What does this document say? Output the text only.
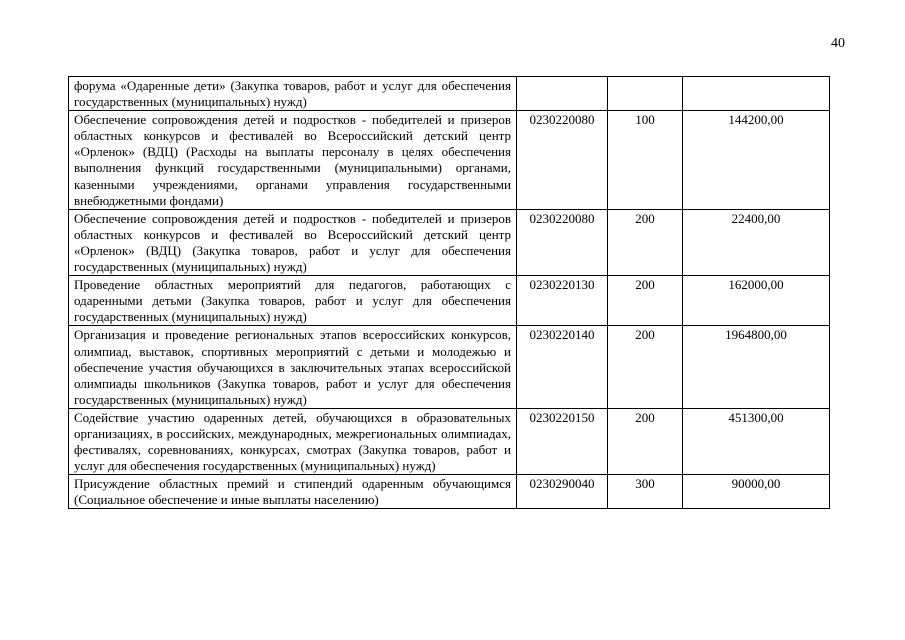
40
форума «Одаренные дети» (Закупка товаров, работ и услуг для обеспечения государственных (муниципальных) нужд)			
Обеспечение сопровождения детей и подростков - победителей и призеров областных конкурсов и фестивалей во Всероссийский детский центр «Орленок» (ВДЦ) (Расходы на выплаты персоналу в целях обеспечения выполнения функций государственными (муниципальными) органами, казенными учреждениями, органами управления государственными внебюджетными фондами)	0230220080	100	144200,00
Обеспечение сопровождения детей и подростков - победителей и призеров областных конкурсов и фестивалей во Всероссийский детский центр «Орленок» (ВДЦ) (Закупка товаров, работ и услуг для обеспечения государственных (муниципальных) нужд)	0230220080	200	22400,00
Проведение областных мероприятий для педагогов, работающих с одаренными детьми (Закупка товаров, работ и услуг для обеспечения государственных (муниципальных) нужд)	0230220130	200	162000,00
Организация и проведение региональных этапов всероссийских конкурсов, олимпиад, выставок, спортивных мероприятий с детьми и молодежью и обеспечение участия обучающихся в заключительных этапах всероссийской олимпиады школьников (Закупка товаров, работ и услуг для обеспечения государственных (муниципальных) нужд)	0230220140	200	1964800,00
Содействие участию одаренных детей, обучающихся в образовательных организациях, в российских, международных, межрегиональных олимпиадах, фестивалях, соревнованиях, конкурсах, смотрах (Закупка товаров, работ и услуг для обеспечения государственных (муниципальных) нужд)	0230220150	200	451300,00
Присуждение областных премий и стипендий одаренным обучающимся (Социальное обеспечение и иные выплаты населению)	0230290040	300	90000,00
